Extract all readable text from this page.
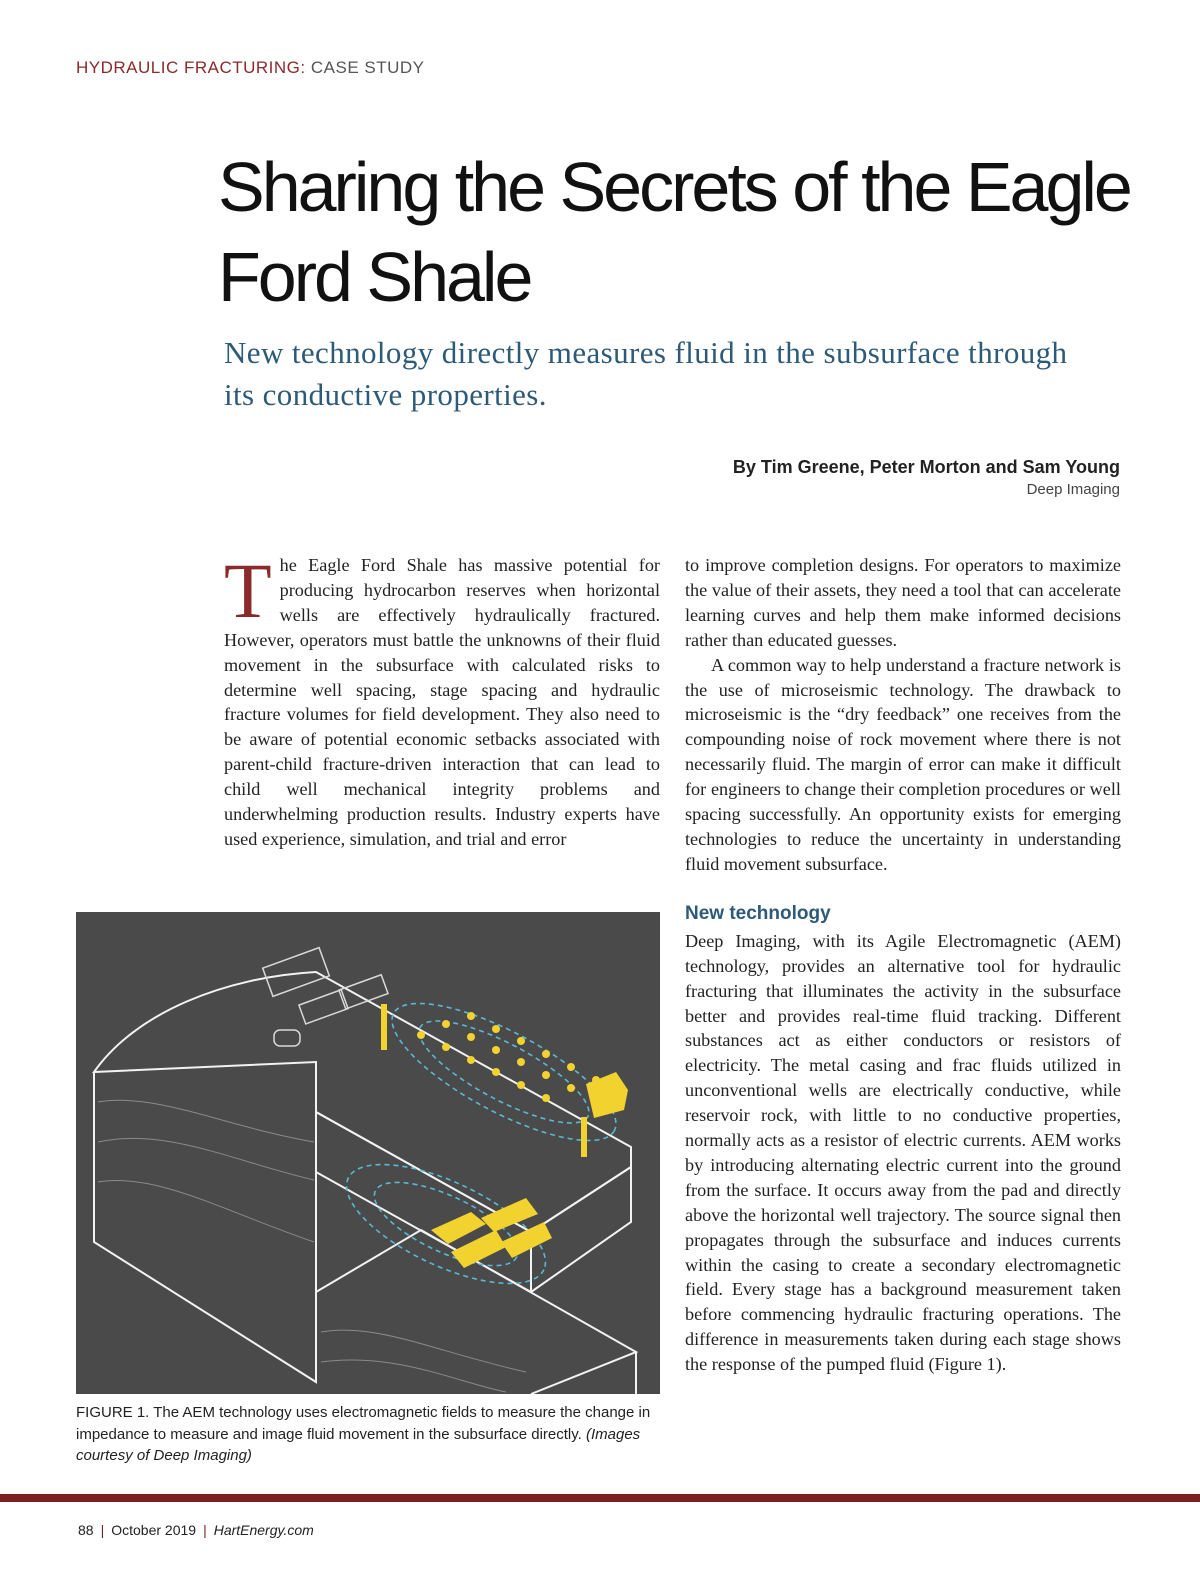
HYDRAULIC FRACTURING: CASE STUDY
Sharing the Secrets of the Eagle Ford Shale
New technology directly measures fluid in the subsurface through its conductive properties.
By Tim Greene, Peter Morton and Sam Young
Deep Imaging

The Eagle Ford Shale has massive potential for producing hydrocarbon reserves when horizontal wells are effectively hydraulically fractured. However, operators must battle the unknowns of their fluid movement in the subsurface with calculated risks to determine well spacing, stage spacing and hydraulic fracture volumes for field development. They also need to be aware of potential economic setbacks associated with parent-child fracture-driven interaction that can lead to child well mechanical integrity problems and underwhelming production results. Industry experts have used experience, simulation, and trial and error

to improve completion designs. For operators to maximize the value of their assets, they need a tool that can accelerate learning curves and help them make informed decisions rather than educated guesses.

A common way to help understand a fracture network is the use of microseismic technology. The drawback to microseismic is the “dry feedback” one receives from the compounding noise of rock movement where there is not necessarily fluid. The margin of error can make it difficult for engineers to change their completion procedures or well spacing successfully. An opportunity exists for emerging technologies to reduce the uncertainty in understanding fluid movement subsurface.

New technology

Deep Imaging, with its Agile Electromagnetic (AEM) technology, provides an alternative tool for hydraulic fracturing that illuminates the activity in the subsurface better and provides real-time fluid tracking. Different substances act as either conductors or resistors of electricity. The metal casing and frac fluids utilized in unconventional wells are electrically conductive, while reservoir rock, with little to no conductive properties, normally acts as a resistor of electric currents. AEM works by introducing alternating electric current into the ground from the surface. It occurs away from the pad and directly above the horizontal well trajectory. The source signal then propagates through the subsurface and induces currents within the casing to create a secondary electromagnetic field. Every stage has a background measurement taken before commencing hydraulic fracturing operations. The difference in measurements taken during each stage shows the response of the pumped fluid (Figure 1).

FIGURE 1. The AEM technology uses electromagnetic fields to measure the change in impedance to measure and image fluid movement in the subsurface directly. (Images courtesy of Deep Imaging)
88 | October 2019 | HartEnergy.com
